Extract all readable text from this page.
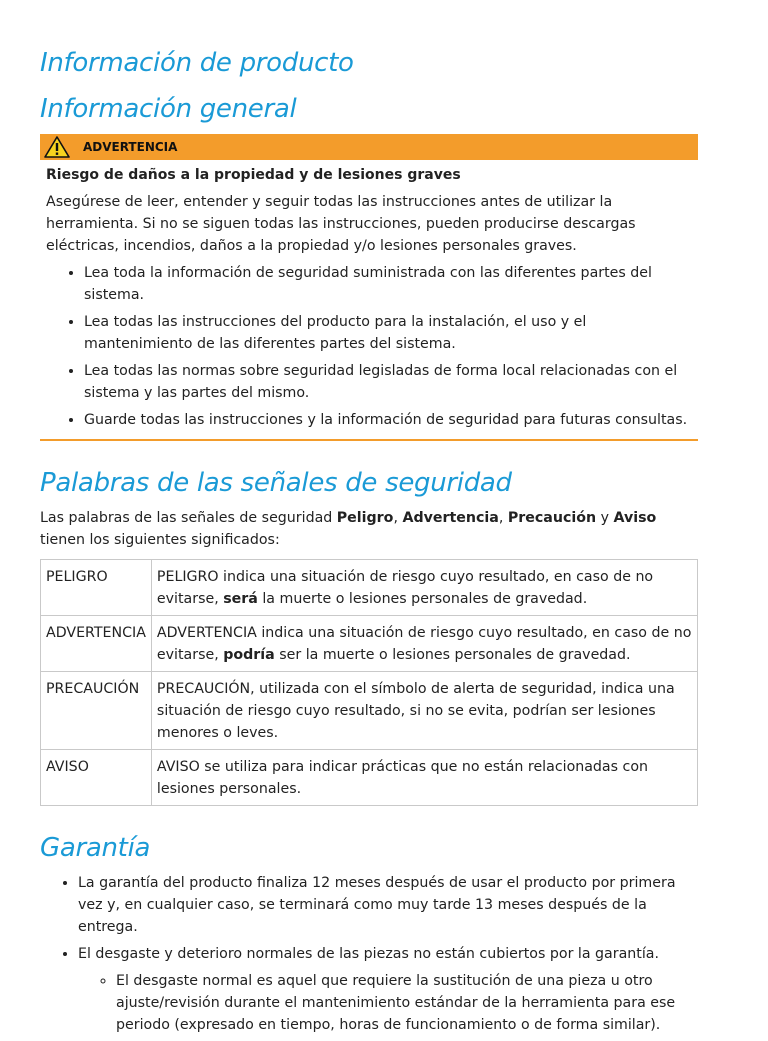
Información de producto
Información general
ADVERTENCIA
Riesgo de daños a la propiedad y de lesiones graves
Asegúrese de leer, entender y seguir todas las instrucciones antes de utilizar la herramienta. Si no se siguen todas las instrucciones, pueden producirse descargas eléctricas, incendios, daños a la propiedad y/o lesiones personales graves.
• Lea toda la información de seguridad suministrada con las diferentes partes del sistema.
• Lea todas las instrucciones del producto para la instalación, el uso y el mantenimiento de las diferentes partes del sistema.
• Lea todas las normas sobre seguridad legisladas de forma local relacionadas con el sistema y las partes del mismo.
• Guarde todas las instrucciones y la información de seguridad para futuras consultas.
Palabras de las señales de seguridad
Las palabras de las señales de seguridad Peligro, Advertencia, Precaución y Aviso tienen los siguientes significados:
PELIGRO	PELIGRO indica una situación de riesgo cuyo resultado, en caso de no evitarse, será la muerte o lesiones personales de gravedad.
ADVERTENCIA	ADVERTENCIA indica una situación de riesgo cuyo resultado, en caso de no evitarse, podría ser la muerte o lesiones personales de gravedad.
PRECAUCIÓN	PRECAUCIÓN, utilizada con el símbolo de alerta de seguridad, indica una situación de riesgo cuyo resultado, si no se evita, podrían ser lesiones menores o leves.
AVISO	AVISO se utiliza para indicar prácticas que no están relacionadas con lesiones personales.
Garantía
• La garantía del producto finaliza 12 meses después de usar el producto por primera vez y, en cualquier caso, se terminará como muy tarde 13 meses después de la entrega.
• El desgaste y deterioro normales de las piezas no están cubiertos por la garantía.
◦ El desgaste normal es aquel que requiere la sustitución de una pieza u otro ajuste/revisión durante el mantenimiento estándar de la herramienta para ese periodo (expresado en tiempo, horas de funcionamiento o de forma similar).
